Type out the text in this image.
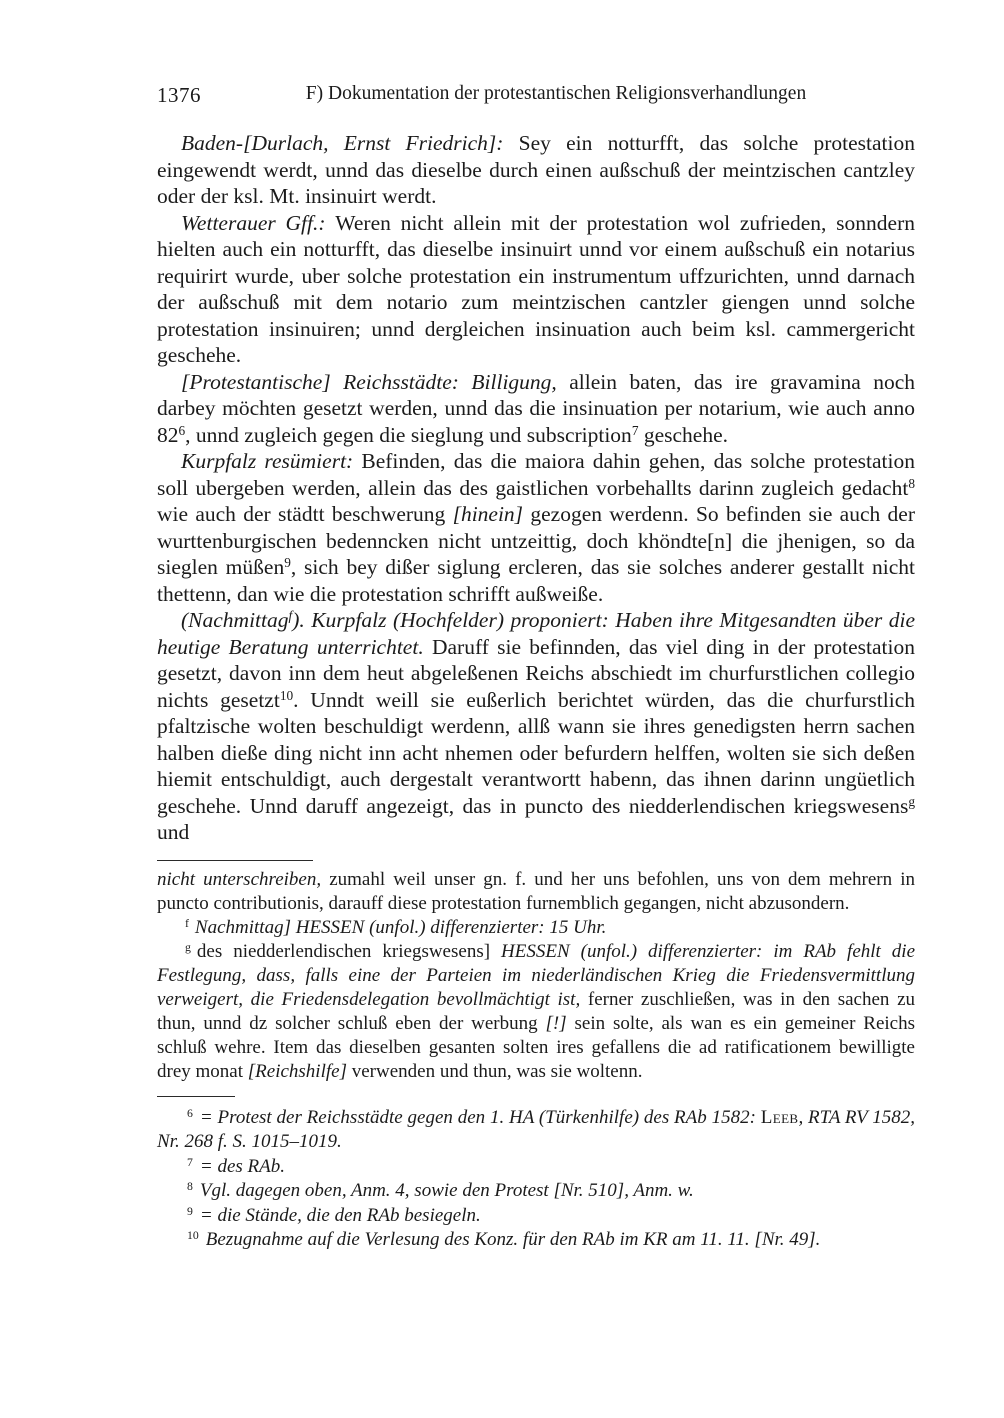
1376	F) Dokumentation der protestantischen Religionsverhandlungen

Baden-[Durlach, Ernst Friedrich]: Sey ein notturfft, das solche protestation eingewendt werdt, unnd das dieselbe durch einen außschuß der meintzischen cantzley oder der ksl. Mt. insinuirt werdt.

Wetterauer Gff.: Weren nicht allein mit der protestation wol zufrieden, sonndern hielten auch ein notturfft, das dieselbe insinuirt unnd vor einem außschuß ein notarius requirirt wurde, uber solche protestation ein instrumentum uffzurichten, unnd darnach der außschuß mit dem notario zum meintzischen cantzler giengen unnd solche protestation insinuiren; unnd dergleichen insinuation auch beim ksl. cammergericht geschehe.

[Protestantische] Reichsstädte: Billigung, allein baten, das ire gravamina noch darbey möchten gesetzt werden, unnd das die insinuation per notarium, wie auch anno $82^6$, unnd zugleich gegen die sieglung und subscription$^7$ geschehe.

Kurpfalz resümiert: Befinden, das die maiora dahin gehen, das solche protestation soll ubergeben werden, allein das des gaistlichen vorbehallts darinn zugleich gedacht$^8$ wie auch der städtt beschwerung [hinein] gezogen werdenn. So befinden sie auch der wurttenburgischen bedenncken nicht untzeittig, doch khöndte[n] die jhenigen, so da sieglen müßen$^9$, sich bey dißer siglung ercleren, das sie solches anderer gestallt nicht thettenn, dan wie die protestation schrifft außweiße.

(Nachmittag$^f$). Kurpfalz (Hochfelder) proponiert: Haben ihre Mitgesandten über die heutige Beratung unterrichtet. Daruff sie befinnden, das viel ding in der protestation gesetzt, davon inn dem heut abgeleßenen Reichs abschiedt im churfurstlichen collegio nichts gesetzt$^{10}$. Unndt weill sie eußerlich berichtet würden, das die churfurstlich pfaltzische wolten beschuldigt werdenn, allß wann sie ihres genedigsten herrn sachen halben dieße ding nicht inn acht nhemen oder befurdern helffen, wolten sie sich deßen hiemit entschuldigt, auch dergestalt verantwortt habenn, das ihnen darinn ungüetlich geschehe. Unnd daruff angezeigt, das in puncto des niedderlendischen kriegswesens$^g$ und

nicht unterschreiben, zumahl weil unser gn. f. und her uns befohlen, uns von dem mehrern in puncto contributionis, darauff diese protestation furnemblich gegangen, nicht abzusondern.

$^f$ Nachmittag] HESSEN (unfol.) differenzierter: 15 Uhr.

$^g$ des niedderlendischen kriegswesens] HESSEN (unfol.) differenzierter: im RAb fehlt die Festlegung, dass, falls eine der Parteien im niederländischen Krieg die Friedensvermittlung verweigert, die Friedensdelegation bevollmächtigt ist, ferner zuschließen, was in den sachen zu thun, unnd dz solcher schluß eben der werbung [!] sein solte, als wan es ein gemeiner Reichs schluß wehre. Item das dieselben gesanten solten ires gefallens die ad ratificationem bewilligte drey monat [Reichshilfe] verwenden und thun, was sie woltenn.

$^6$ = Protest der Reichsstädte gegen den 1. HA (Türkenhilfe) des RAb 1582: Leeb, RTA RV 1582, Nr. 268 f. S. 1015–1019.

$^7$ = des RAb.

$^8$ Vgl. dagegen oben, Anm. 4, sowie den Protest [Nr. 510], Anm. w.

$^9$ = die Stände, die den RAb besiegeln.

$^{10}$ Bezugnahme auf die Verlesung des Konz. für den RAb im KR am 11. 11. [Nr. 49].
